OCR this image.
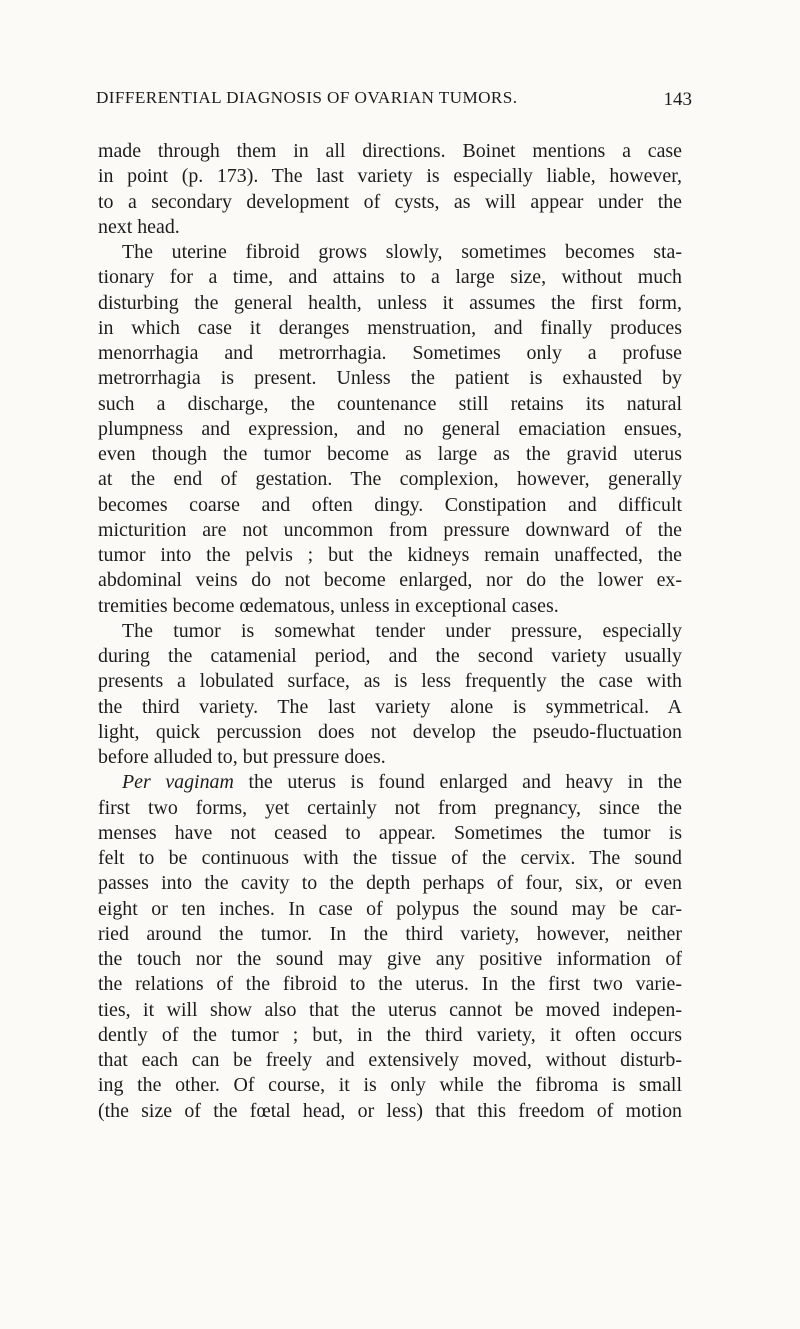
DIFFERENTIAL DIAGNOSIS OF OVARIAN TUMORS.	143
made through them in all directions. Boinet mentions a case
in point (p. 173). The last variety is especially liable, however,
to a secondary development of cysts, as will appear under the
next head.
The uterine fibroid grows slowly, sometimes becomes sta-
tionary for a time, and attains to a large size, without much
disturbing the general health, unless it assumes the first form,
in which case it deranges menstruation, and finally produces
menorrhagia and metrorrhagia. Sometimes only a profuse
metrorrhagia is present. Unless the patient is exhausted by
such a discharge, the countenance still retains its natural
plumpness and expression, and no general emaciation ensues,
even though the tumor become as large as the gravid uterus
at the end of gestation. The complexion, however, generally
becomes coarse and often dingy. Constipation and difficult
micturition are not uncommon from pressure downward of the
tumor into the pelvis ; but the kidneys remain unaffected, the
abdominal veins do not become enlarged, nor do the lower ex-
tremities become œdematous, unless in exceptional cases.
The tumor is somewhat tender under pressure, especially
during the catamenial period, and the second variety usually
presents a lobulated surface, as is less frequently the case with
the third variety. The last variety alone is symmetrical. A
light, quick percussion does not develop the pseudo-fluctuation
before alluded to, but pressure does.
Per vaginam the uterus is found enlarged and heavy in the
first two forms, yet certainly not from pregnancy, since the
menses have not ceased to appear. Sometimes the tumor is
felt to be continuous with the tissue of the cervix. The sound
passes into the cavity to the depth perhaps of four, six, or even
eight or ten inches. In case of polypus the sound may be car-
ried around the tumor. In the third variety, however, neither
the touch nor the sound may give any positive information of
the relations of the fibroid to the uterus. In the first two varie-
ties, it will show also that the uterus cannot be moved indepen-
dently of the tumor ; but, in the third variety, it often occurs
that each can be freely and extensively moved, without disturb-
ing the other. Of course, it is only while the fibroma is small
(the size of the fœtal head, or less) that this freedom of motion
